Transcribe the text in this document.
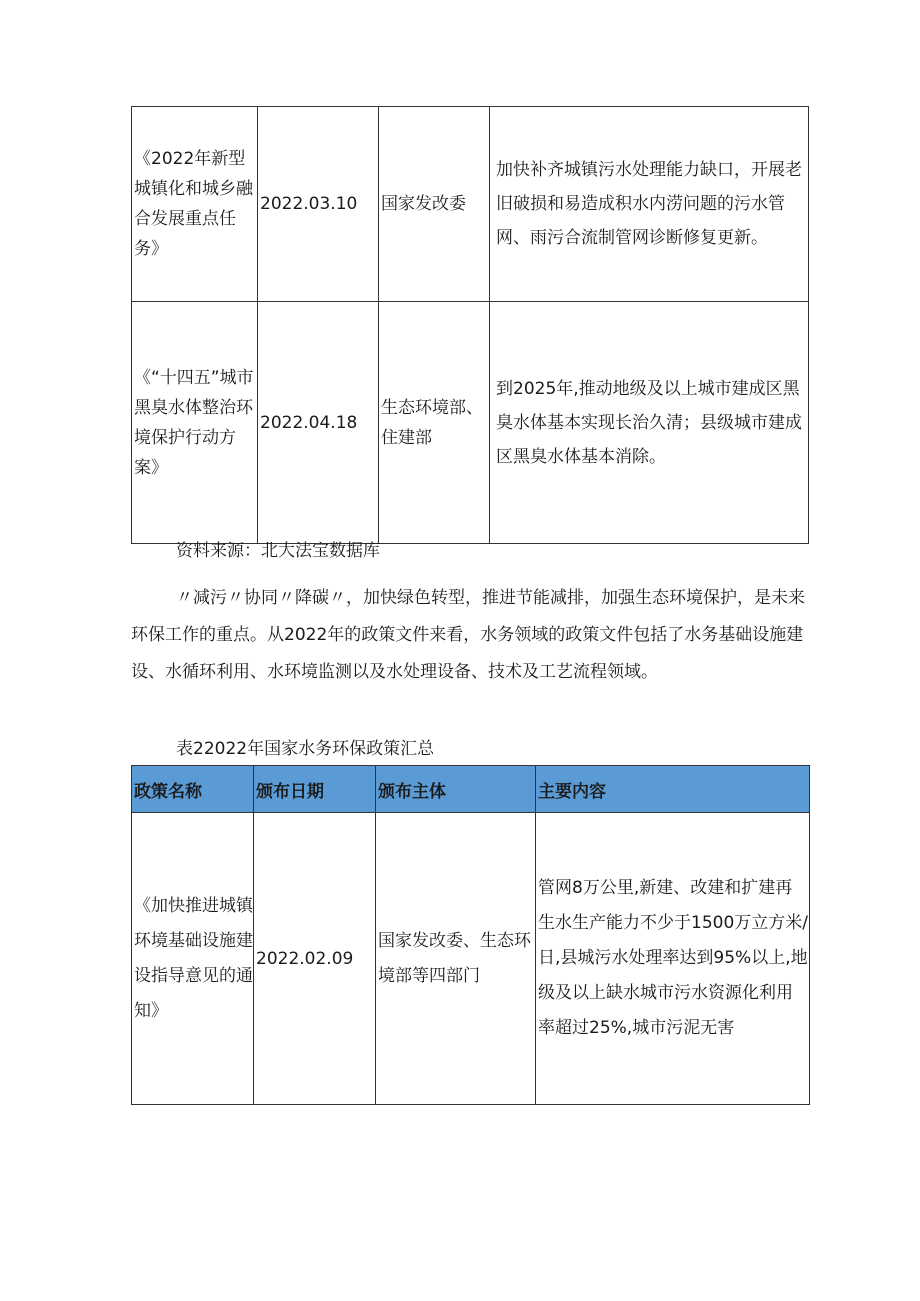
《2022年新型城镇化和城乡融合发展重点任务》	2022.03.10	国家发改委	加快补齐城镇污水处理能力缺口，开展老旧破损和易造成积水内涝问题的污水管网、雨污合流制管网诊断修复更新。
《“十四五”城市黑臭水体整治环境保护行动方案》	2022.04.18	生态环境部、住建部	到2025年,推动地级及以上城市建成区黑臭水体基本实现长治久清；县级城市建成区黑臭水体基本消除。

资料来源：北大法宝数据库

〃减污〃协同〃降碳〃，加快绿色转型，推进节能减排，加强生态环境保护，是未来环保工作的重点。从2022年的政策文件来看，水务领域的政策文件包括了水务基础设施建设、水循环利用、水环境监测以及水处理设备、技术及工艺流程领域。

表22022年国家水务环保政策汇总

政策名称	颁布日期	颁布主体	主要内容
《加快推进城镇环境基础设施建设指导意见的通知》	2022.02.09	国家发改委、生态环境部等四部门	管网8万公里,新建、改建和扩建再生水生产能力不少于1500万立方米/日,县城污水处理率达到95%以上,地级及以上缺水城市污水资源化利用率超过25%,城市污泥无害
